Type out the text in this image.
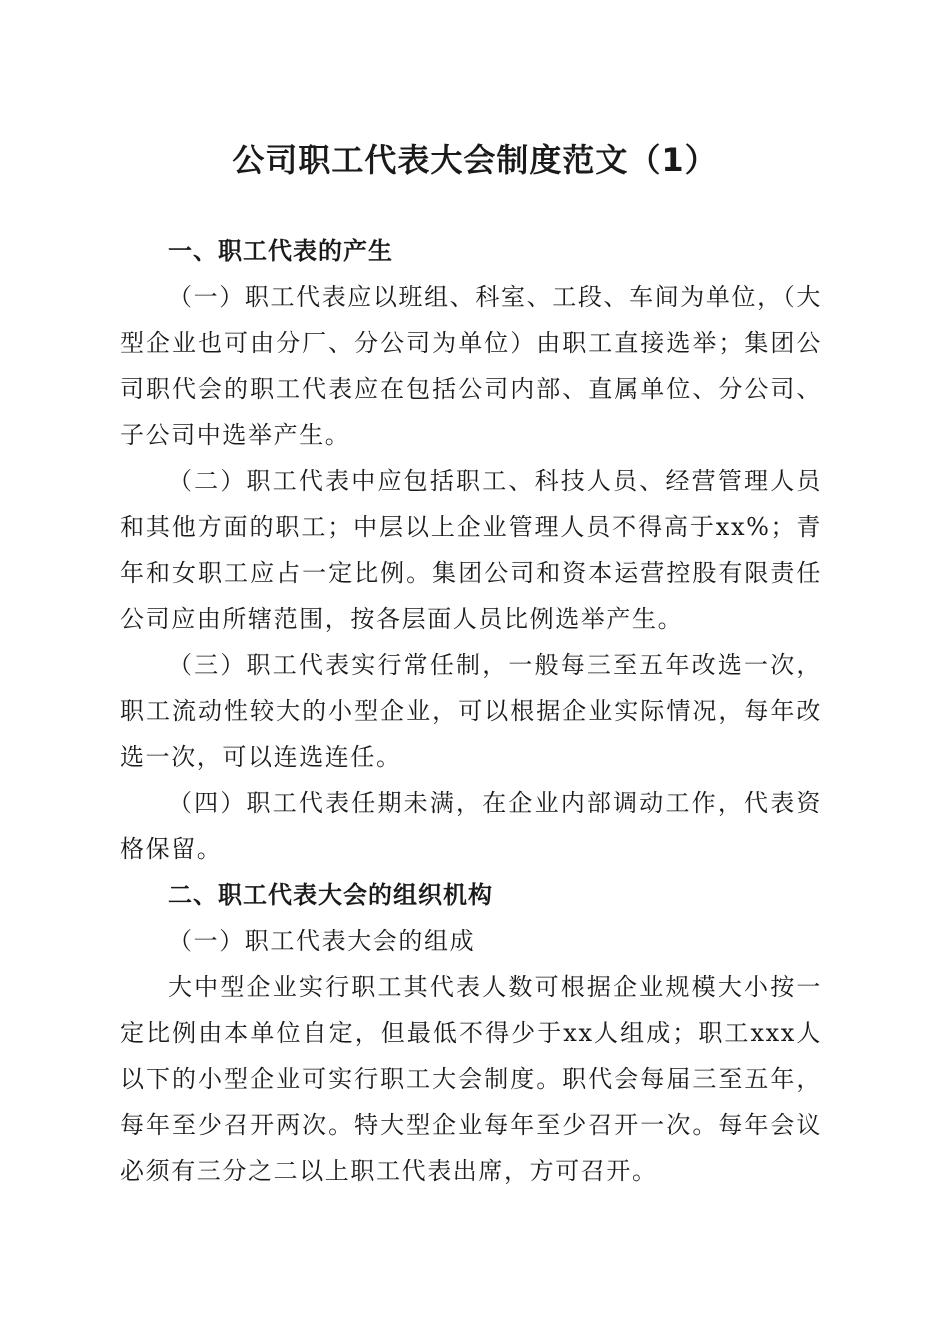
公司职工代表大会制度范文（1）

一、职工代表的产生

（一）职工代表应以班组、科室、工段、车间为单位，（大型企业也可由分厂、分公司为单位）由职工直接选举；集团公司职代会的职工代表应在包括公司内部、直属单位、分公司、子公司中选举产生。

（二）职工代表中应包括职工、科技人员、经营管理人员和其他方面的职工；中层以上企业管理人员不得高于xx%；青年和女职工应占一定比例。集团公司和资本运营控股有限责任公司应由所辖范围，按各层面人员比例选举产生。

（三）职工代表实行常任制，一般每三至五年改选一次，职工流动性较大的小型企业，可以根据企业实际情况，每年改选一次，可以连选连任。

（四）职工代表任期未满，在企业内部调动工作，代表资格保留。

二、职工代表大会的组织机构

（一）职工代表大会的组成

大中型企业实行职工其代表人数可根据企业规模大小按一定比例由本单位自定，但最低不得少于xx人组成；职工xxx人以下的小型企业可实行职工大会制度。职代会每届三至五年，每年至少召开两次。特大型企业每年至少召开一次。每年会议必须有三分之二以上职工代表出席，方可召开。
